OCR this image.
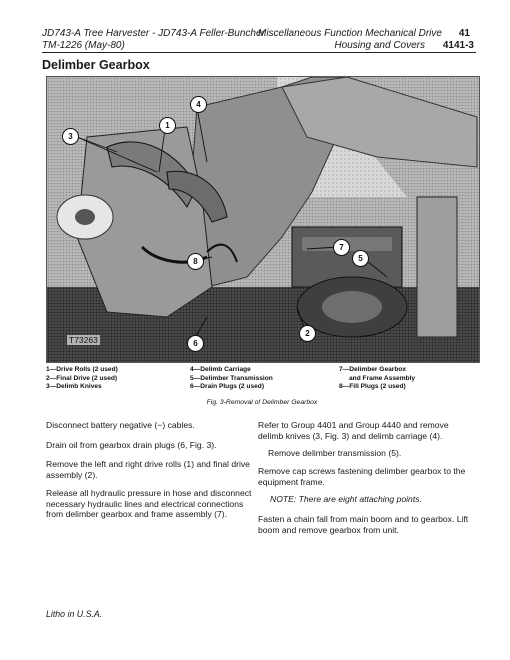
JD743-A Tree Harvester - JD743-A Feller-Buncher
TM-1226 (May-80)
Miscellaneous Function Mechanical Drive
Housing and Covers
41
4141-3
Delimber Gearbox
4
1
3
7
5
8
6
2
T73263
1—Drive Rolls (2 used)
2—Final Drive (2 used)
3—Delimb Knives
4—Delimb Carriage
5—Delimber Transmission
6—Drain Plugs (2 used)
7—Delimber Gearbox
and Frame Assembly
8—Fill Plugs (2 used)
Fig. 3-Removal of Delimber Gearbox
Disconnect battery negative (−) cables.
Drain oil from gearbox drain plugs (6, Fig. 3).
Remove the left and right drive rolls (1) and final drive assembly (2).
Release all hydraulic pressure in hose and disconnect necessary hydraulic lines and electrical connections from delimber gearbox and frame assembly (7).
Refer to Group 4401 and Group 4440 and remove delimb knives (3, Fig. 3) and delimb carriage (4).
Remove delimber transmission (5).
Remove cap screws fastening delimber gearbox to the equipment frame.
NOTE: There are eight attaching points.
Fasten a chain fall from main boom and to gearbox. Lift boom and remove gearbox from unit.
Litho in U.S.A.
